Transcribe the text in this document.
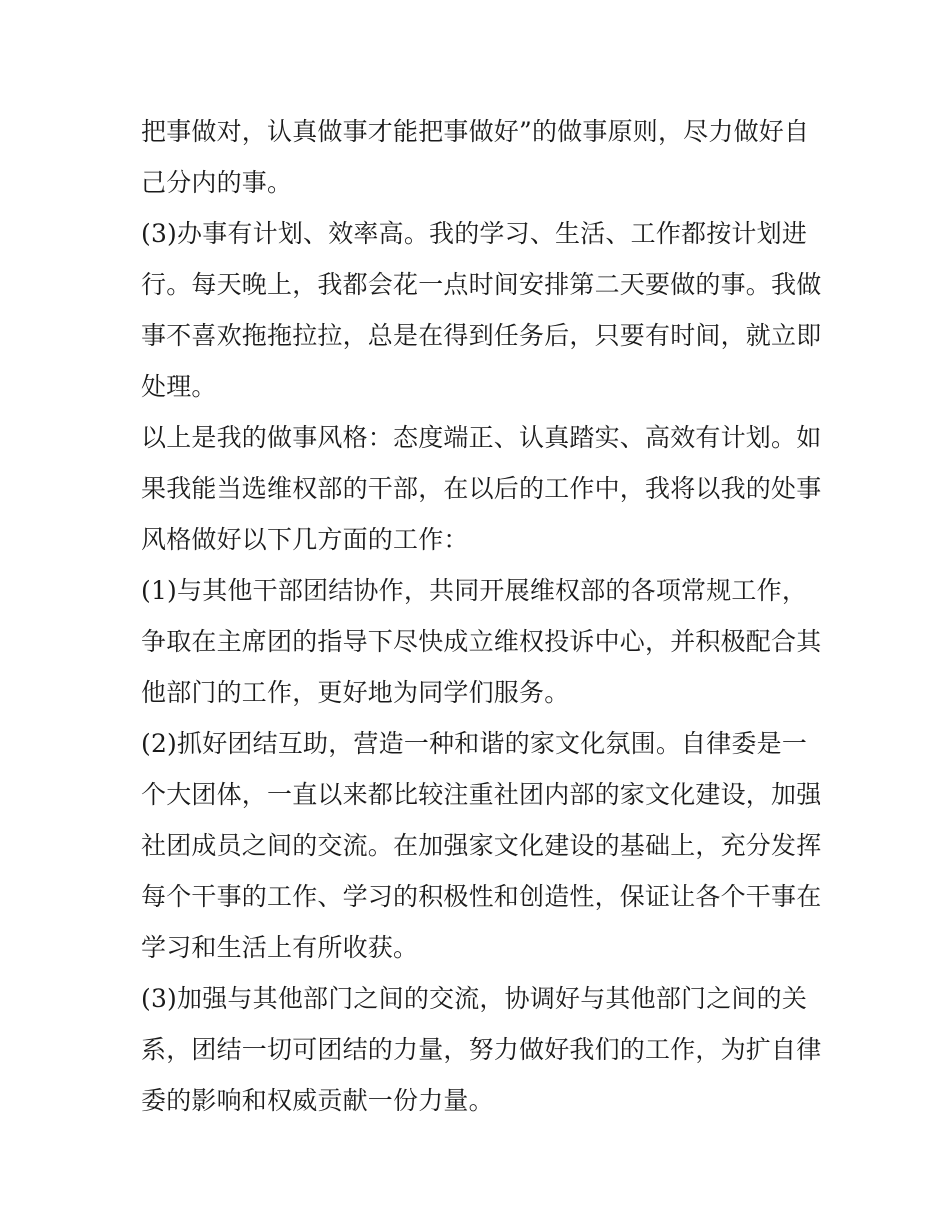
把事做对，认真做事才能把事做好”的做事原则，尽力做好自
己分内的事。
(3)办事有计划、效率高。我的学习、生活、工作都按计划进
行。每天晚上，我都会花一点时间安排第二天要做的事。我做
事不喜欢拖拖拉拉，总是在得到任务后，只要有时间，就立即
处理。
以上是我的做事风格：态度端正、认真踏实、高效有计划。如
果我能当选维权部的干部，在以后的工作中，我将以我的处事
风格做好以下几方面的工作：
(1)与其他干部团结协作，共同开展维权部的各项常规工作，
争取在主席团的指导下尽快成立维权投诉中心，并积极配合其
他部门的工作，更好地为同学们服务。
(2)抓好团结互助，营造一种和谐的家文化氛围。自律委是一
个大团体，一直以来都比较注重社团内部的家文化建设，加强
社团成员之间的交流。在加强家文化建设的基础上，充分发挥
每个干事的工作、学习的积极性和创造性，保证让各个干事在
学习和生活上有所收获。
(3)加强与其他部门之间的交流，协调好与其他部门之间的关
系，团结一切可团结的力量，努力做好我们的工作，为扩自律
委的影响和权威贡献一份力量。
